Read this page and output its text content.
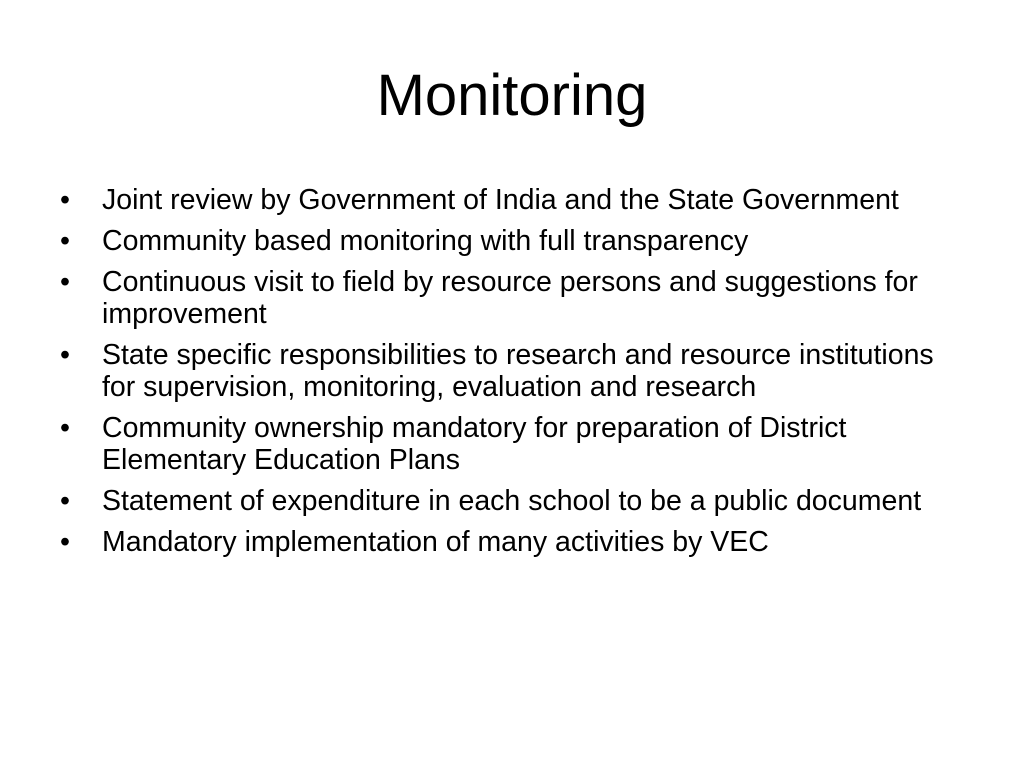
Monitoring
•	Joint review by Government of India and the State Government
•	Community based monitoring with full transparency
•	Continuous visit to field by resource persons and suggestions for improvement
•	State specific responsibilities to research and resource institutions for supervision, monitoring, evaluation and research
•	Community ownership mandatory for preparation of District Elementary Education Plans
•	Statement of expenditure in each school to be a public document
•	Mandatory implementation of many activities by VEC
